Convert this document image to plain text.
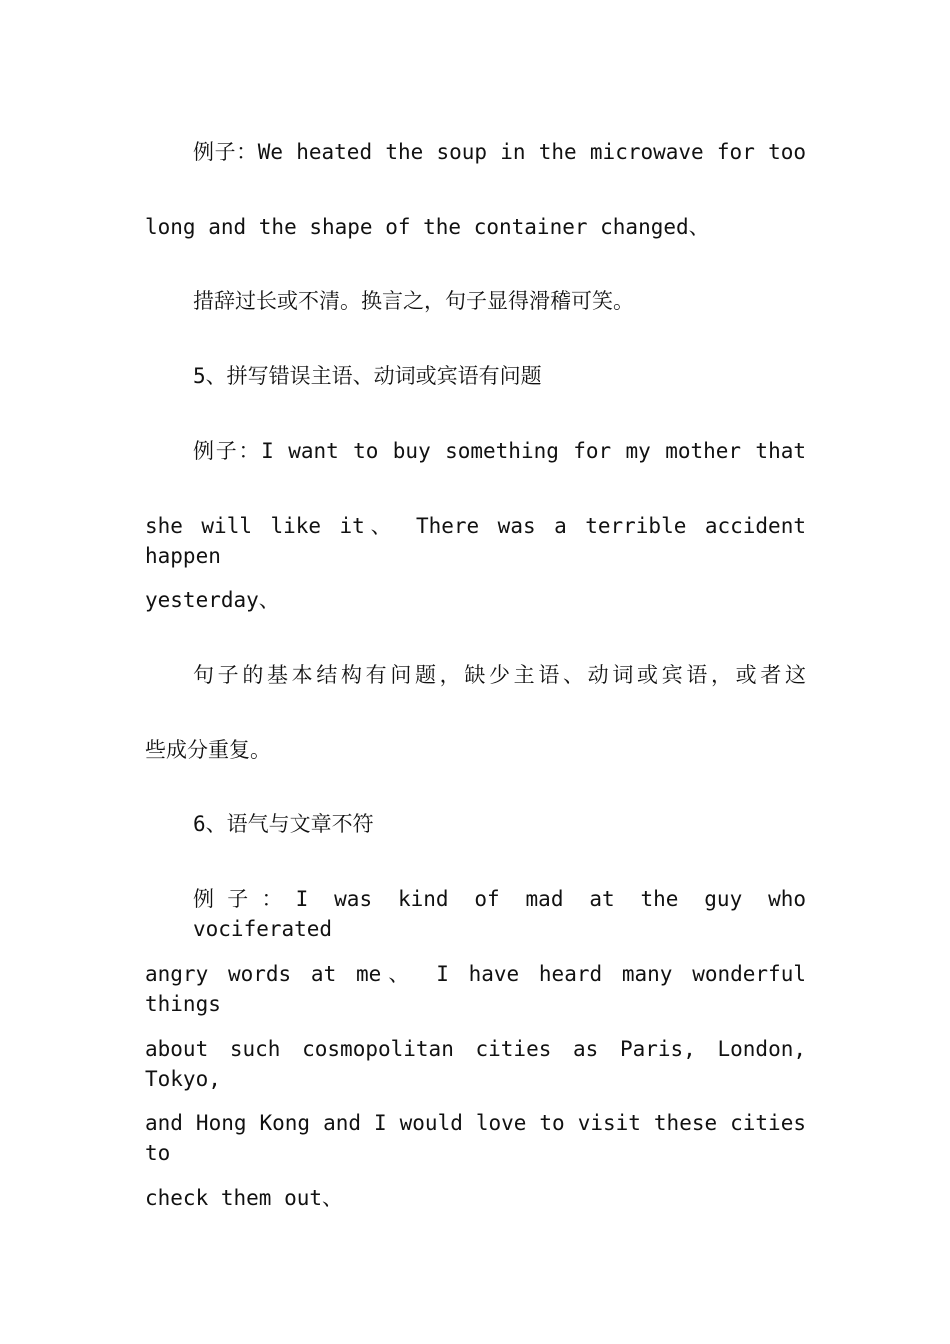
例子：We heated the soup in the microwave for too
long and the shape of the container changed、
措辞过长或不清。换言之，句子显得滑稽可笑。
5、拼写错误主语、动词或宾语有问题
例子：I want to buy something for my mother that
she will like it、 There was a terrible accident happen
yesterday、
句子的基本结构有问题，缺少主语、动词或宾语，或者这
些成分重复。
6、语气与文章不符
例子：I was kind of mad at the guy who vociferated
angry words at me、 I have heard many wonderful things
about such cosmopolitan cities as Paris, London, Tokyo,
and Hong Kong and I would love to visit these cities to
check them out、
